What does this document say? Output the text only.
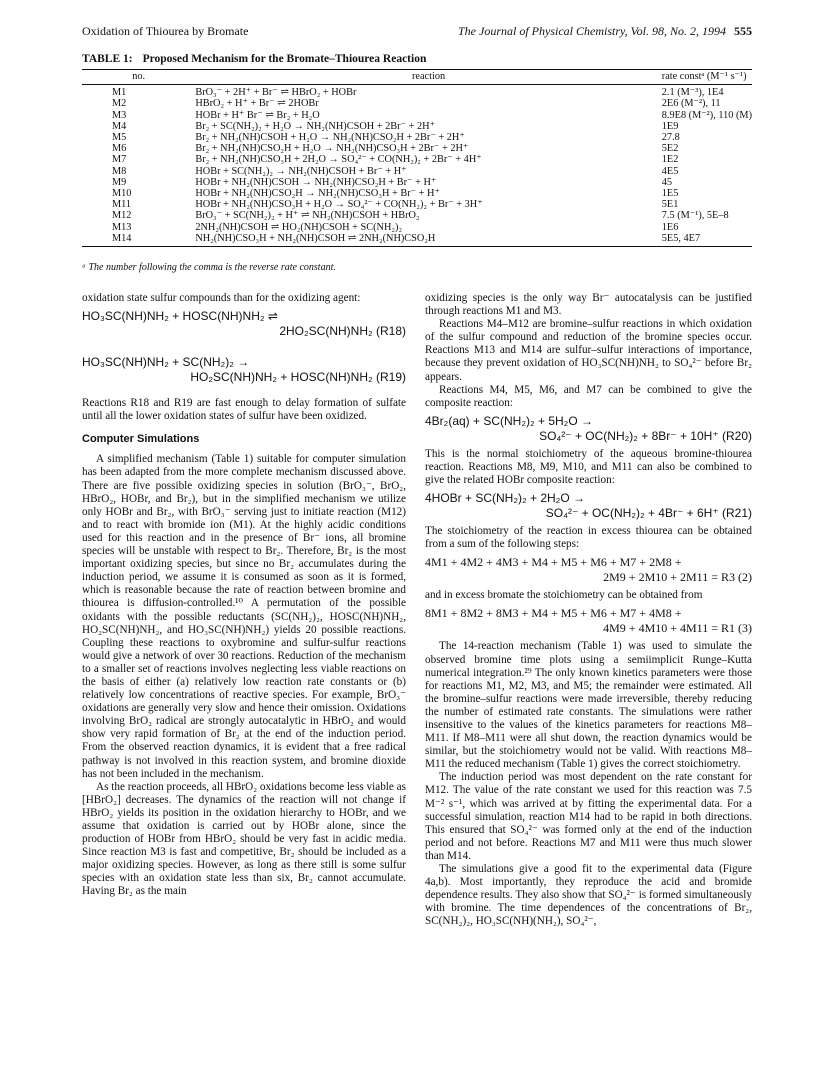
Oxidation of Thiourea by Bromate	The Journal of Physical Chemistry, Vol. 98, No. 2, 1994 555
TABLE 1: Proposed Mechanism for the Bromate–Thiourea Reaction
no.	reaction	rate constᵃ (M⁻¹ s⁻¹)
M1	BrO₃⁻ + 2H⁺ + Br⁻ ⇌ HBrO₂ + HOBr	2.1 (M⁻³), 1E4
M2	HBrO₂ + H⁺ + Br⁻ ⇌ 2HOBr	2E6 (M⁻²), 11
M3	HOBr + H⁺ Br⁻ ⇌ Br₂ + H₂O	8.9E8 (M⁻²), 110 (M)
M4	Br₂ + SC(NH₂)₂ + H₂O → NH₂(NH)CSOH + 2Br⁻ + 2H⁺	1E9
M5	Br₂ + NH₂(NH)CSOH + H₂O → NH₂(NH)CSO₂H + 2Br⁻ + 2H⁺	27.8
M6	Br₂ + NH₂(NH)CSO₂H + H₂O → NH₂(NH)CSO₃H + 2Br⁻ + 2H⁺	5E2
M7	Br₂ + NH₂(NH)CSO₃H + 2H₂O → SO₄²⁻ + CO(NH₂)₂ + 2Br⁻ + 4H⁺	1E2
M8	HOBr + SC(NH₂)₂ → NH₂(NH)CSOH + Br⁻ + H⁺	4E5
M9	HOBr + NH₂(NH)CSOH → NH₂(NH)CSO₂H + Br⁻ + H⁺	45
M10	HOBr + NH₂(NH)CSO₂H → NH₂(NH)CSO₃H + Br⁻ + H⁺	1E5
M11	HOBr + NH₂(NH)CSO₃H + H₂O → SO₄²⁻ + CO(NH₂)₂ + Br⁻ + 3H⁺	5E1
M12	BrO₃⁻ + SC(NH₂)₂ + H⁺ ⇌ NH₂(NH)CSOH + HBrO₂	7.5 (M⁻¹), 5E–8
M13	2NH₂(NH)CSOH ⇌ HO₂(NH)CSOH + SC(NH₂)₂	1E6
M14	NH₂(NH)CSO₃H + NH₂(NH)CSOH ⇌ 2NH₂(NH)CSO₂H	5E5, 4E7
ᵃ The number following the comma is the reverse rate constant.

oxidation state sulfur compounds than for the oxidizing agent:

HO₃SC(NH)NH₂ + HOSC(NH)NH₂ ⇌
2HO₂SC(NH)NH₂ (R18)
HO₃SC(NH)NH₂ + SC(NH₂)₂ →
HO₂SC(NH)NH₂ + HOSC(NH)NH₂ (R19)

Reactions R18 and R19 are fast enough to delay formation of sulfate until all the lower oxidation states of sulfur have been oxidized.

Computer Simulations

A simplified mechanism (Table 1) suitable for computer simulation has been adapted from the more complete mechanism discussed above. There are five possible oxidizing species in solution (BrO₃⁻, BrO₂, HBrO₂, HOBr, and Br₂), but in the simplified mechanism we utilize only HOBr and Br₂, with BrO₃⁻ serving just to initiate reaction (M12) and to react with bromide ion (M1). At the highly acidic conditions used for this reaction and in the presence of Br⁻ ions, all bromine species will be unstable with respect to Br₂. Therefore, Br₂ is the most important oxidizing species, but since no Br₂ accumulates during the induction period, we assume it is consumed as soon as it is formed, which is reasonable because the rate of reaction between bromine and thiourea is diffusion-controlled.¹⁰ A permutation of the possible oxidants with the possible reductants (SC(NH₂)₂, HOSC(NH)NH₂, HO₂SC(NH)NH₂, and HO₃SC(NH)NH₂) yields 20 possible reactions. Coupling these reactions to oxybromine and sulfur-sulfur reactions would give a network of over 30 reactions. Reduction of the mechanism to a smaller set of reactions involves neglecting less viable reactions on the basis of either (a) relatively low reaction rate constants or (b) relatively low concentrations of reactive species. For example, BrO₃⁻ oxidations are generally very slow and hence their omission. Oxidations involving BrO₂ radical are strongly autocatalytic in HBrO₂ and would show very rapid formation of Br₂ at the end of the induction period. From the observed reaction dynamics, it is evident that a free radical pathway is not involved in this reaction system, and bromine dioxide has not been included in the mechanism.

As the reaction proceeds, all HBrO₂ oxidations become less viable as [HBrO₂] decreases. The dynamics of the reaction will not change if HBrO₂ yields its position in the oxidation hierarchy to HOBr, and we assume that oxidation is carried out by HOBr alone, since the production of HOBr from HBrO₂ should be very fast in acidic media. Since reaction M3 is fast and competitive, Br₂ should be included as a major oxidizing species. However, as long as there still is some sulfur species with an oxidation state less than six, Br₂ cannot accumulate. Having Br₂ as the main

oxidizing species is the only way Br⁻ autocatalysis can be justified through reactions M1 and M3.

Reactions M4–M12 are bromine–sulfur reactions in which oxidation of the sulfur compound and reduction of the bromine species occur. Reactions M13 and M14 are sulfur–sulfur interactions of importance, because they prevent oxidation of HO₃SC(NH)NH₂ to SO₄²⁻ before Br₂ appears.

Reactions M4, M5, M6, and M7 can be combined to give the composite reaction:

4Br₂(aq) + SC(NH₂)₂ + 5H₂O →
SO₄²⁻ + OC(NH₂)₂ + 8Br⁻ + 10H⁺ (R20)

This is the normal stoichiometry of the aqueous bromine-thiourea reaction. Reactions M8, M9, M10, and M11 can also be combined to give the related HOBr composite reaction:

4HOBr + SC(NH₂)₂ + 2H₂O →
SO₄²⁻ + OC(NH₂)₂ + 4Br⁻ + 6H⁺ (R21)

The stoichiometry of the reaction in excess thiourea can be obtained from a sum of the following steps:

4M1 + 4M2 + 4M3 + M4 + M5 + M6 + M7 + 2M8 +
2M9 + 2M10 + 2M11 = R3 (2)

and in excess bromate the stoichiometry can be obtained from

8M1 + 8M2 + 8M3 + M4 + M5 + M6 + M7 + 4M8 +
4M9 + 4M10 + 4M11 = R1 (3)

The 14-reaction mechanism (Table 1) was used to simulate the observed bromine time plots using a semiimplicit Runge–Kutta numerical integration.²⁹ The only known kinetics parameters were those for reactions M1, M2, M3, and M5; the remainder were estimated. All the bromine–sulfur reactions were made irreversible, thereby reducing the number of estimated rate constants. The simulations were rather insensitive to the values of the kinetics parameters for reactions M8–M11. If M8–M11 were all shut down, the reaction dynamics would be similar, but the stoichiometry would not be valid. With reactions M8–M11 the reduced mechanism (Table 1) gives the correct stoichiometry.

The induction period was most dependent on the rate constant for M12. The value of the rate constant we used for this reaction was 7.5 M⁻² s⁻¹, which was arrived at by fitting the experimental data. For a successful simulation, reaction M14 had to be rapid in both directions. This ensured that SO₄²⁻ was formed only at the end of the induction period and not before. Reactions M7 and M11 were thus much slower than M14.

The simulations give a good fit to the experimental data (Figure 4a,b). Most importantly, they reproduce the acid and bromide dependence results. They also show that SO₄²⁻ is formed simultaneously with bromine. The time dependences of the concentrations of Br₂, SC(NH₂)₂, HO₃SC(NH)(NH₂), SO₄²⁻,
